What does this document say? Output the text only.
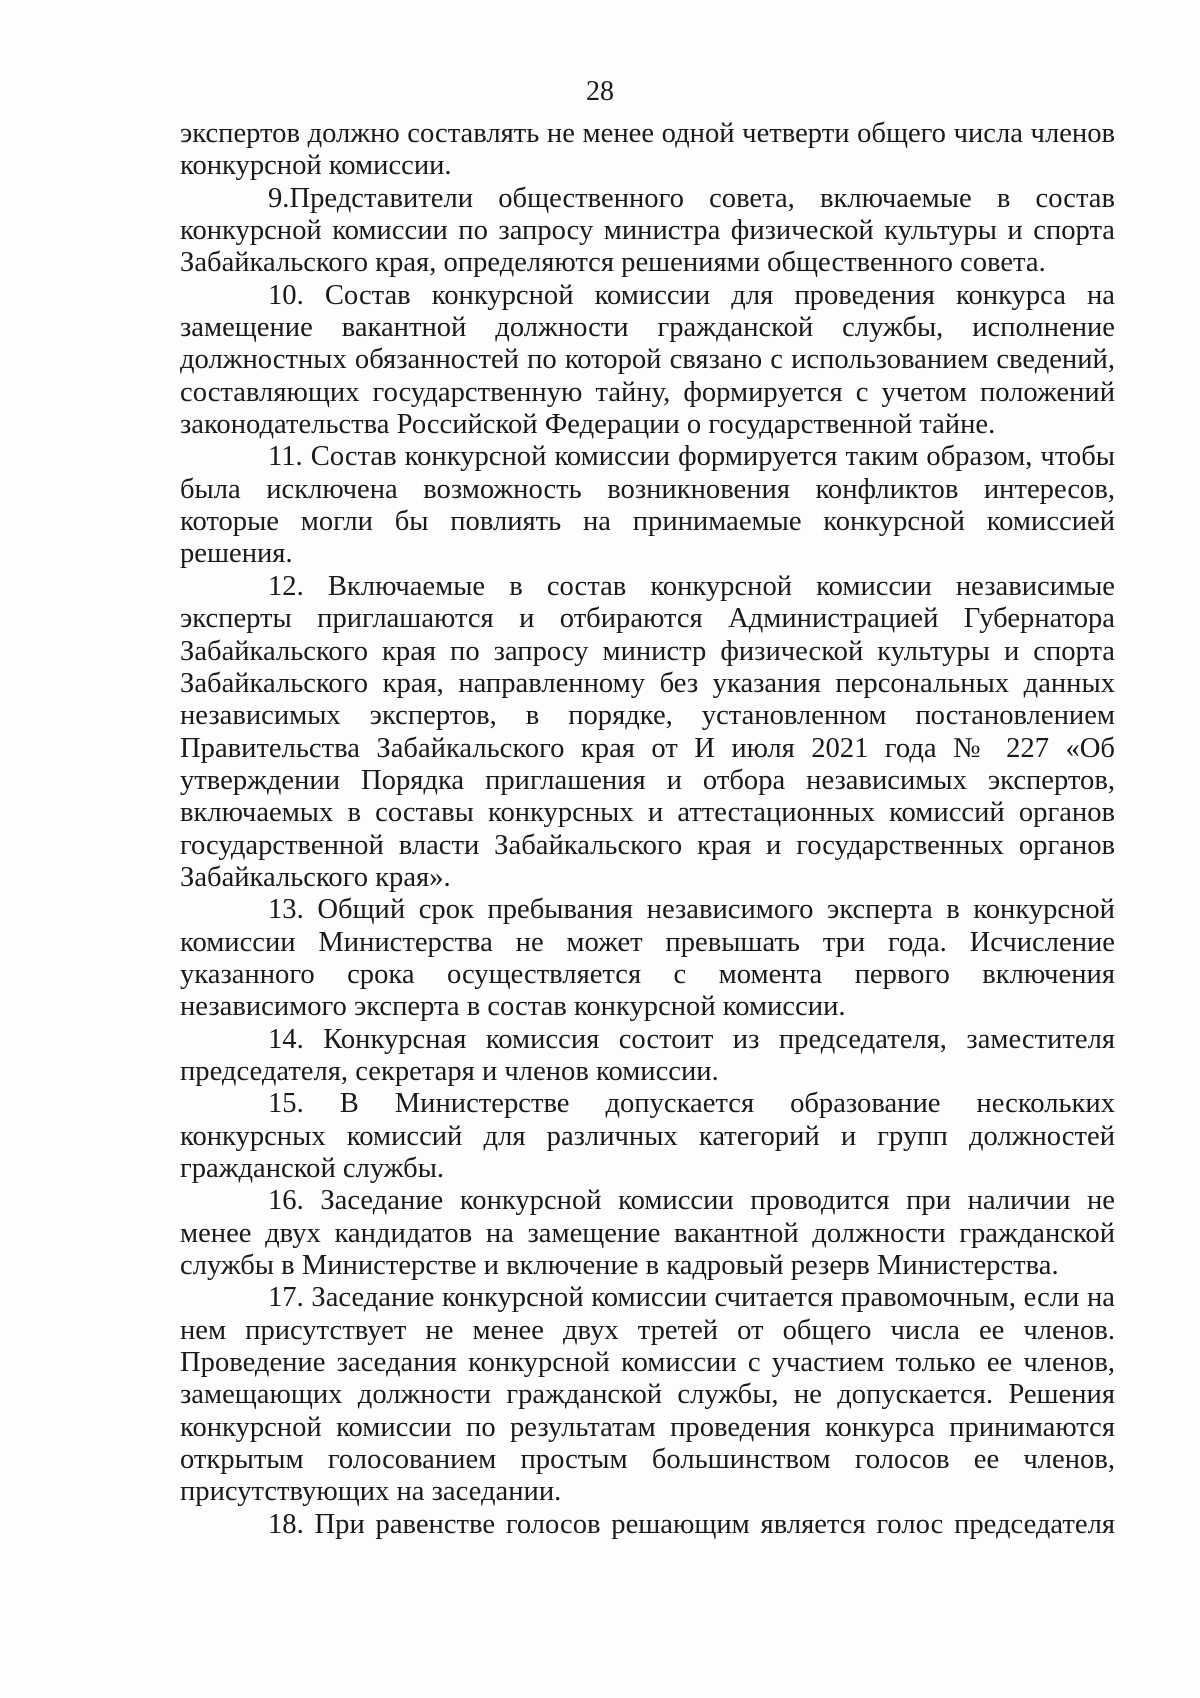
28

экспертов должно составлять не менее одной четверти общего числа членов конкурсной комиссии.

9.Представители общественного совета, включаемые в состав конкурсной комиссии по запросу министра физической культуры и спорта Забайкальского края, определяются решениями общественного совета.

10. Состав конкурсной комиссии для проведения конкурса на замещение вакантной должности гражданской службы, исполнение должностных обязанностей по которой связано с использованием сведений, составляющих государственную тайну, формируется с учетом положений законодательства Российской Федерации о государственной тайне.

11. Состав конкурсной комиссии формируется таким образом, чтобы была исключена возможность возникновения конфликтов интересов, которые могли бы повлиять на принимаемые конкурсной комиссией решения.

12. Включаемые в состав конкурсной комиссии независимые эксперты приглашаются и отбираются Администрацией Губернатора Забайкальского края по запросу министр физической культуры и спорта Забайкальского края, направленному без указания персональных данных независимых экспертов, в порядке, установленном постановлением Правительства Забайкальского края от И июля 2021 года № 227 «Об утверждении Порядка приглашения и отбора независимых экспертов, включаемых в составы конкурсных и аттестационных комиссий органов государственной власти Забайкальского края и государственных органов Забайкальского края».

13. Общий срок пребывания независимого эксперта в конкурсной комиссии Министерства не может превышать три года. Исчисление указанного срока осуществляется с момента первого включения независимого эксперта в состав конкурсной комиссии.

14. Конкурсная комиссия состоит из председателя, заместителя председателя, секретаря и членов комиссии.

15. В Министерстве допускается образование нескольких конкурсных комиссий для различных категорий и групп должностей гражданской службы.

16. Заседание конкурсной комиссии проводится при наличии не менее двух кандидатов на замещение вакантной должности гражданской службы в Министерстве и включение в кадровый резерв Министерства.

17. Заседание конкурсной комиссии считается правомочным, если на нем присутствует не менее двух третей от общего числа ее членов. Проведение заседания конкурсной комиссии с участием только ее членов, замещающих должности гражданской службы, не допускается. Решения конкурсной комиссии по результатам проведения конкурса принимаются открытым голосованием простым большинством голосов ее членов, присутствующих на заседании.

18. При равенстве голосов решающим является голос председателя
